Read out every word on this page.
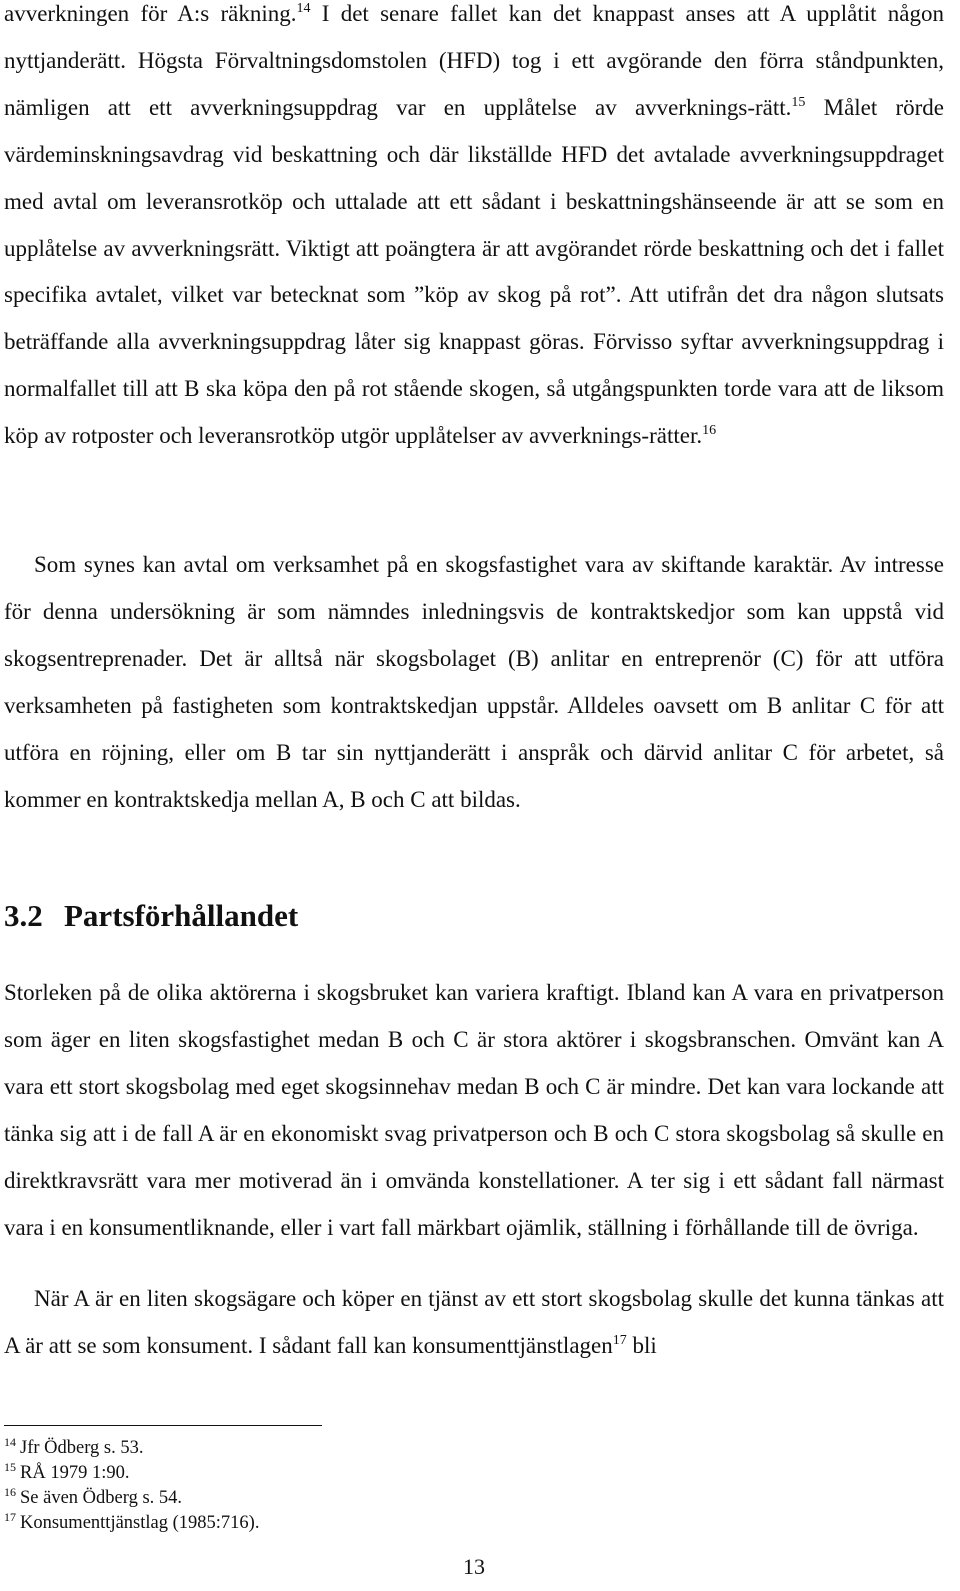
avverkningen för A:s räkning.$^{14}$ I det senare fallet kan det knappast anses att A upplåtit någon nyttjanderätt. Högsta Förvaltningsdomstolen (HFD) tog i ett avgörande den förra ståndpunkten, nämligen att ett avverkningsuppdrag var en upplåtelse av avverknings-rätt.$^{15}$ Målet rörde värdeminskningsavdrag vid beskattning och där likställde HFD det avtalade avverkningsuppdraget med avtal om leveransrotköp och uttalade att ett sådant i beskattningshänseende är att se som en upplåtelse av avverkningsrätt. Viktigt att poängtera är att avgörandet rörde beskattning och det i fallet specifika avtalet, vilket var betecknat som ”köp av skog på rot”. Att utifrån det dra någon slutsats beträffande alla avverkningsuppdrag låter sig knappast göras. Förvisso syftar avverkningsuppdrag i normalfallet till att B ska köpa den på rot stående skogen, så utgångspunkten torde vara att de liksom köp av rotposter och leveransrotköp utgör upplåtelser av avverknings-rätter.$^{16}$

Som synes kan avtal om verksamhet på en skogsfastighet vara av skiftande karaktär. Av intresse för denna undersökning är som nämndes inledningsvis de kontraktskedjor som kan uppstå vid skogsentreprenader. Det är alltså när skogsbolaget (B) anlitar en entreprenör (C) för att utföra verksamheten på fastigheten som kontraktskedjan uppstår. Alldeles oavsett om B anlitar C för att utföra en röjning, eller om B tar sin nyttjanderätt i anspråk och därvid anlitar C för arbetet, så kommer en kontraktskedja mellan A, B och C att bildas.

3.2 Partsförhållandet

Storleken på de olika aktörerna i skogsbruket kan variera kraftigt. Ibland kan A vara en privatperson som äger en liten skogsfastighet medan B och C är stora aktörer i skogsbranschen. Omvänt kan A vara ett stort skogsbolag med eget skogsinnehav medan B och C är mindre. Det kan vara lockande att tänka sig att i de fall A är en ekonomiskt svag privatperson och B och C stora skogsbolag så skulle en direktkravsrätt vara mer motiverad än i omvända konstellationer. A ter sig i ett sådant fall närmast vara i en konsumentliknande, eller i vart fall märkbart ojämlik, ställning i förhållande till de övriga.

När A är en liten skogsägare och köper en tjänst av ett stort skogsbolag skulle det kunna tänkas att A är att se som konsument. I sådant fall kan konsumenttjänstlagen$^{17}$ bli

$^{14}$ Jfr Ödberg s. 53.
$^{15}$ RÅ 1979 1:90.
$^{16}$ Se även Ödberg s. 54.
$^{17}$ Konsumenttjänstlag (1985:716).
13
